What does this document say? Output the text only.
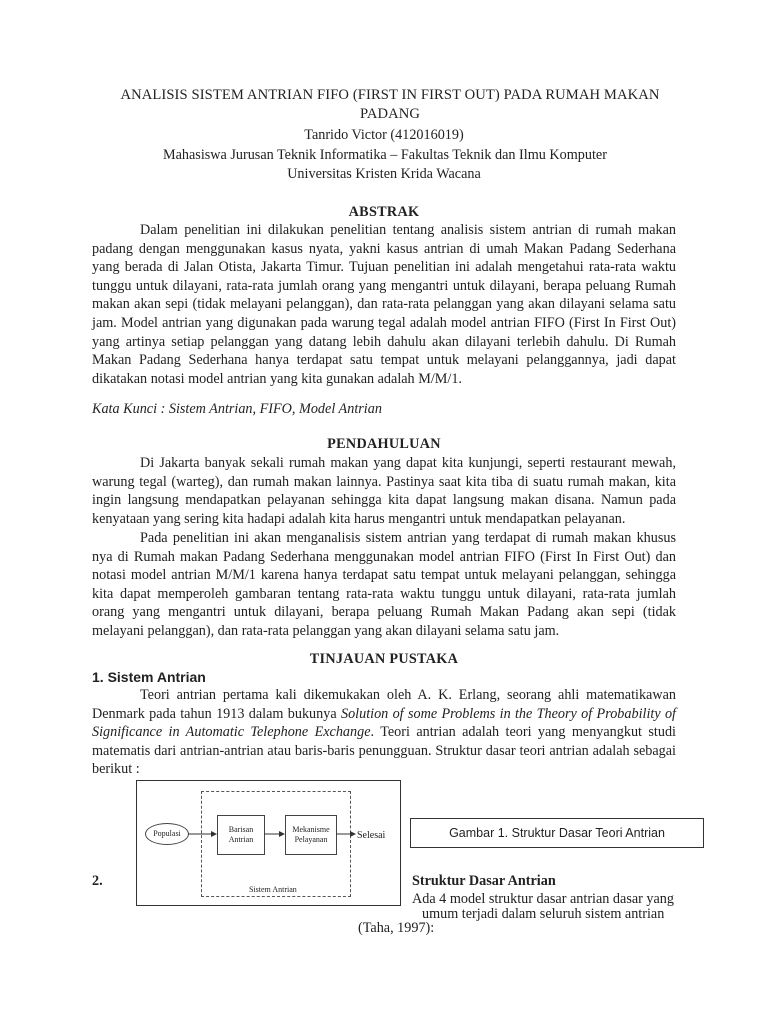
ANALISIS SISTEM ANTRIAN FIFO (FIRST IN FIRST OUT) PADA RUMAH MAKAN PADANG
Tanrido Victor (412016019)
Mahasiswa Jurusan Teknik Informatika – Fakultas Teknik dan Ilmu Komputer
Universitas Kristen Krida Wacana
ABSTRAK
Dalam penelitian ini dilakukan penelitian tentang analisis sistem antrian di rumah makan padang dengan menggunakan kasus nyata, yakni kasus antrian di umah Makan Padang Sederhana yang berada di Jalan Otista, Jakarta Timur. Tujuan penelitian ini adalah mengetahui rata-rata waktu tunggu untuk dilayani, rata-rata jumlah orang yang mengantri untuk dilayani, berapa peluang Rumah makan akan sepi (tidak melayani pelanggan), dan rata-rata pelanggan yang akan dilayani selama satu jam. Model antrian yang digunakan pada warung tegal adalah model antrian FIFO (First In First Out) yang artinya setiap pelanggan yang datang lebih dahulu akan dilayani terlebih dahulu. Di Rumah Makan Padang Sederhana hanya terdapat satu tempat untuk melayani pelanggannya, jadi dapat dikatakan notasi model antrian yang kita gunakan adalah M/M/1.
Kata Kunci : Sistem Antrian, FIFO, Model Antrian
PENDAHULUAN
Di Jakarta banyak sekali rumah makan yang dapat kita kunjungi, seperti restaurant mewah, warung tegal (warteg), dan rumah makan lainnya. Pastinya saat kita tiba di suatu rumah makan, kita ingin langsung mendapatkan pelayanan sehingga kita dapat langsung makan disana. Namun pada kenyataan yang sering kita hadapi adalah kita harus mengantri untuk mendapatkan pelayanan.
Pada penelitian ini akan menganalisis sistem antrian yang terdapat di rumah makan khusus nya di Rumah makan Padang Sederhana menggunakan model antrian FIFO (First In First Out) dan notasi model antrian M/M/1 karena hanya terdapat satu tempat untuk melayani pelanggan, sehingga kita dapat memperoleh gambaran tentang rata-rata waktu tunggu untuk dilayani, rata-rata jumlah orang yang mengantri untuk dilayani, berapa peluang Rumah Makan Padang akan sepi (tidak melayani pelanggan), dan rata-rata pelanggan yang akan dilayani selama satu jam.
TINJAUAN PUSTAKA
1. Sistem Antrian
Teori antrian pertama kali dikemukakan oleh A. K. Erlang, seorang ahli matematikawan Denmark pada tahun 1913 dalam bukunya Solution of some Problems in the Theory of Probability of Significance in Automatic Telephone Exchange. Teori antrian adalah teori yang menyangkut studi matematis dari antrian-antrian atau baris-baris penungguan. Struktur dasar teori antrian adalah sebagai berikut :
Populasi	Barisan Antrian
Mekanisme Pelayanan	Selesai
Sistem Antrian
Gambar 1. Struktur Dasar Teori Antrian
2.	Struktur Dasar Antrian
Ada 4 model struktur dasar antrian dasar yang
umum terjadi dalam seluruh sistem antrian
(Taha, 1997):
